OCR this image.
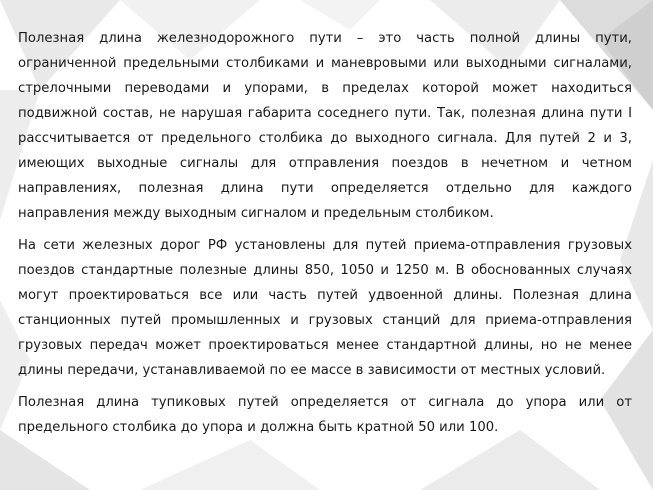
Полезная длина железнодорожного пути – это часть полной длины пути, ограниченной предельными столбиками и маневровыми или выходными сигналами, стрелочными переводами и упорами, в пределах которой может находиться подвижной состав, не нарушая габарита соседнего пути. Так, полезная длина пути I рассчитывается от предельного столбика до выходного сигнала. Для путей 2 и 3, имеющих выходные сигналы для отправления поездов в нечетном и четном направлениях, полезная длина пути определяется отдельно для каждого направления между выходным сигналом и предельным столбиком.

На сети железных дорог РФ установлены для путей приема-отправления грузовых поездов стандартные полезные длины 850, 1050 и 1250 м. В обоснованных случаях могут проектироваться все или часть путей удвоенной длины. Полезная длина станционных путей промышленных и грузовых станций для приема-отправления грузовых передач может проектироваться менее стандартной длины, но не менее длины передачи, устанавливаемой по ее массе в зависимости от местных условий.

Полезная длина тупиковых путей определяется от сигнала до упора или от предельного столбика до упора и должна быть кратной 50 или 100.
